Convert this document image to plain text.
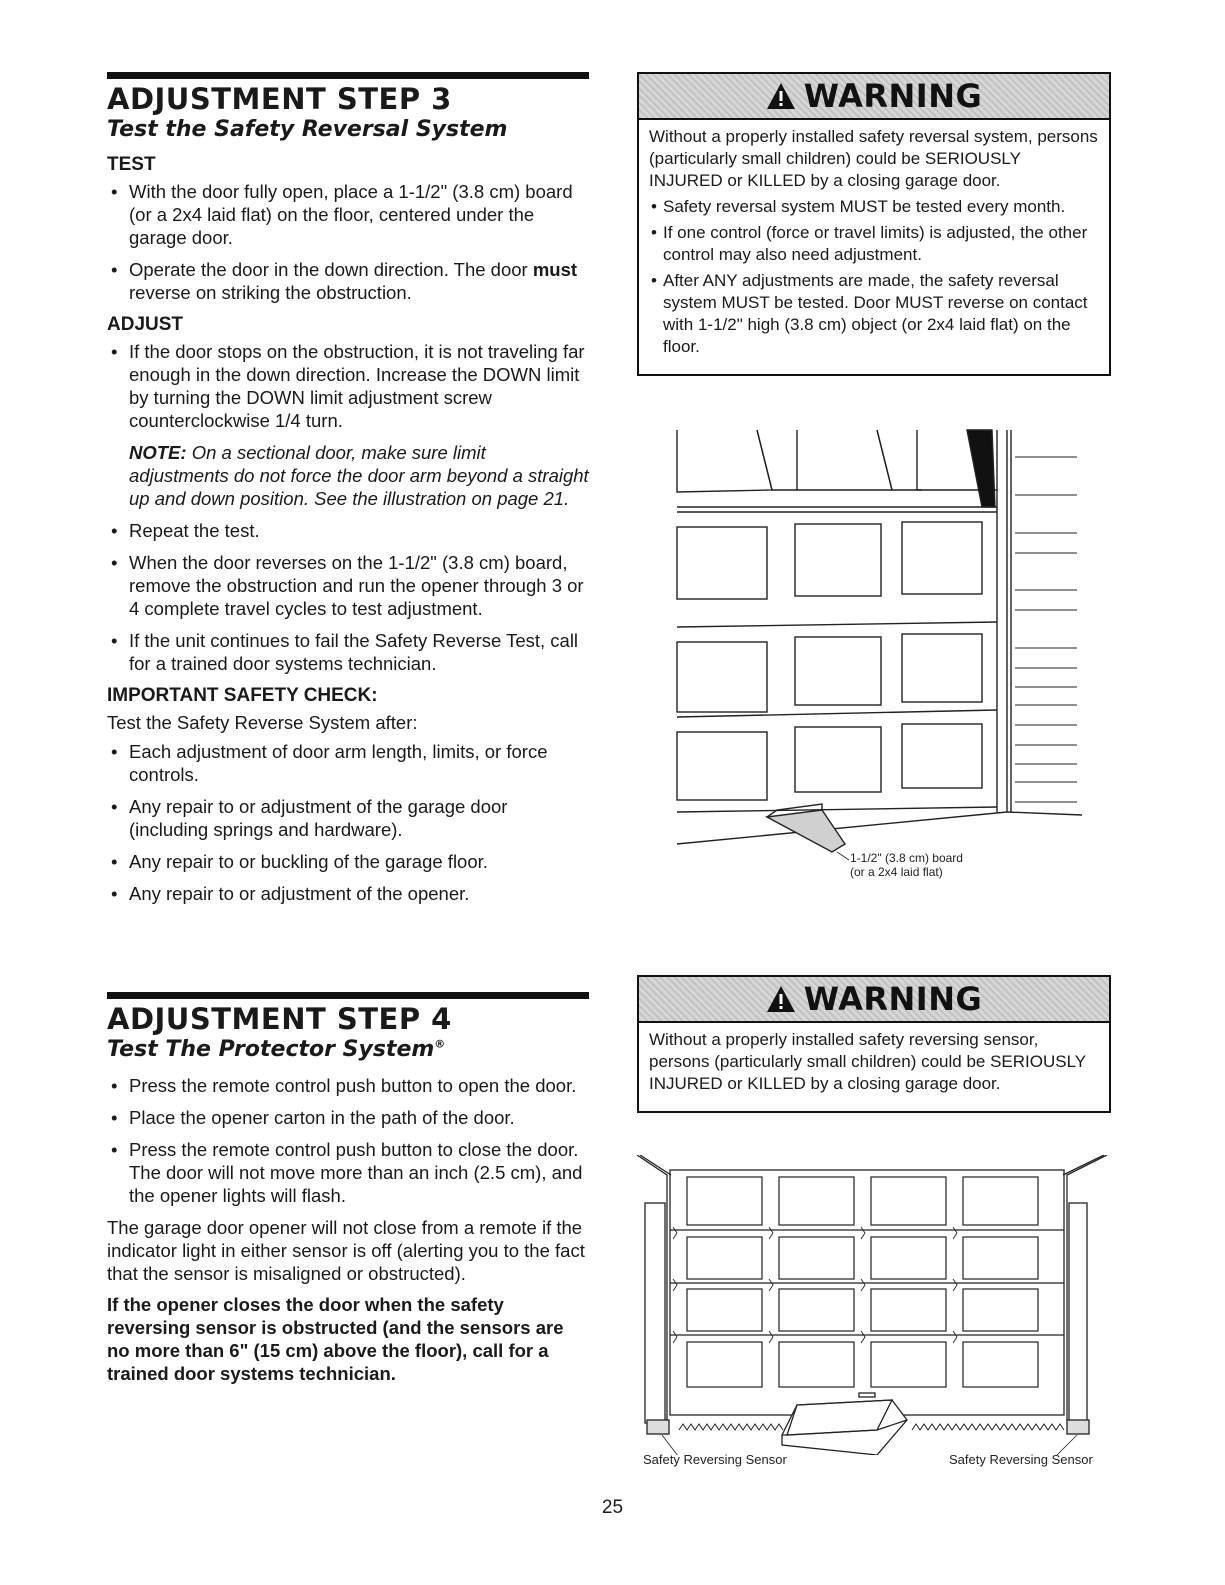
ADJUSTMENT STEP 3
Test the Safety Reversal System
TEST
• With the door fully open, place a 1-1/2" (3.8 cm) board (or a 2x4 laid flat) on the floor, centered under the garage door.
• Operate the door in the down direction. The door must reverse on striking the obstruction.
ADJUST
• If the door stops on the obstruction, it is not traveling far enough in the down direction. Increase the DOWN limit by turning the DOWN limit adjustment screw counterclockwise 1/4 turn.
NOTE: On a sectional door, make sure limit adjustments do not force the door arm beyond a straight up and down position. See the illustration on page 21.
• Repeat the test.
• When the door reverses on the 1-1/2" (3.8 cm) board, remove the obstruction and run the opener through 3 or 4 complete travel cycles to test adjustment.
• If the unit continues to fail the Safety Reverse Test, call for a trained door systems technician.
IMPORTANT SAFETY CHECK:
Test the Safety Reverse System after:
• Each adjustment of door arm length, limits, or force controls.
• Any repair to or adjustment of the garage door (including springs and hardware).
• Any repair to or buckling of the garage floor.
• Any repair to or adjustment of the opener.
ADJUSTMENT STEP 4
Test The Protector System®
• Press the remote control push button to open the door.
• Place the opener carton in the path of the door.
• Press the remote control push button to close the door. The door will not move more than an inch (2.5 cm), and the opener lights will flash.
The garage door opener will not close from a remote if the indicator light in either sensor is off (alerting you to the fact that the sensor is misaligned or obstructed).
If the opener closes the door when the safety reversing sensor is obstructed (and the sensors are no more than 6" (15 cm) above the floor), call for a trained door systems technician.
WARNING

Without a properly installed safety reversal system, persons (particularly small children) could be SERIOUSLY INJURED or KILLED by a closing garage door.

• Safety reversal system MUST be tested every month.
• If one control (force or travel limits) is adjusted, the other control may also need adjustment.
• After ANY adjustments are made, the safety reversal system MUST be tested. Door MUST reverse on contact with 1-1/2" high (3.8 cm) object (or 2x4 laid flat) on the floor.
1-1/2" (3.8 cm) board
(or a 2x4 laid flat)
WARNING

Without a properly installed safety reversing sensor, persons (particularly small children) could be SERIOUSLY INJURED or KILLED by a closing garage door.

Safety Reversing Sensor	Safety Reversing Sensor
25
